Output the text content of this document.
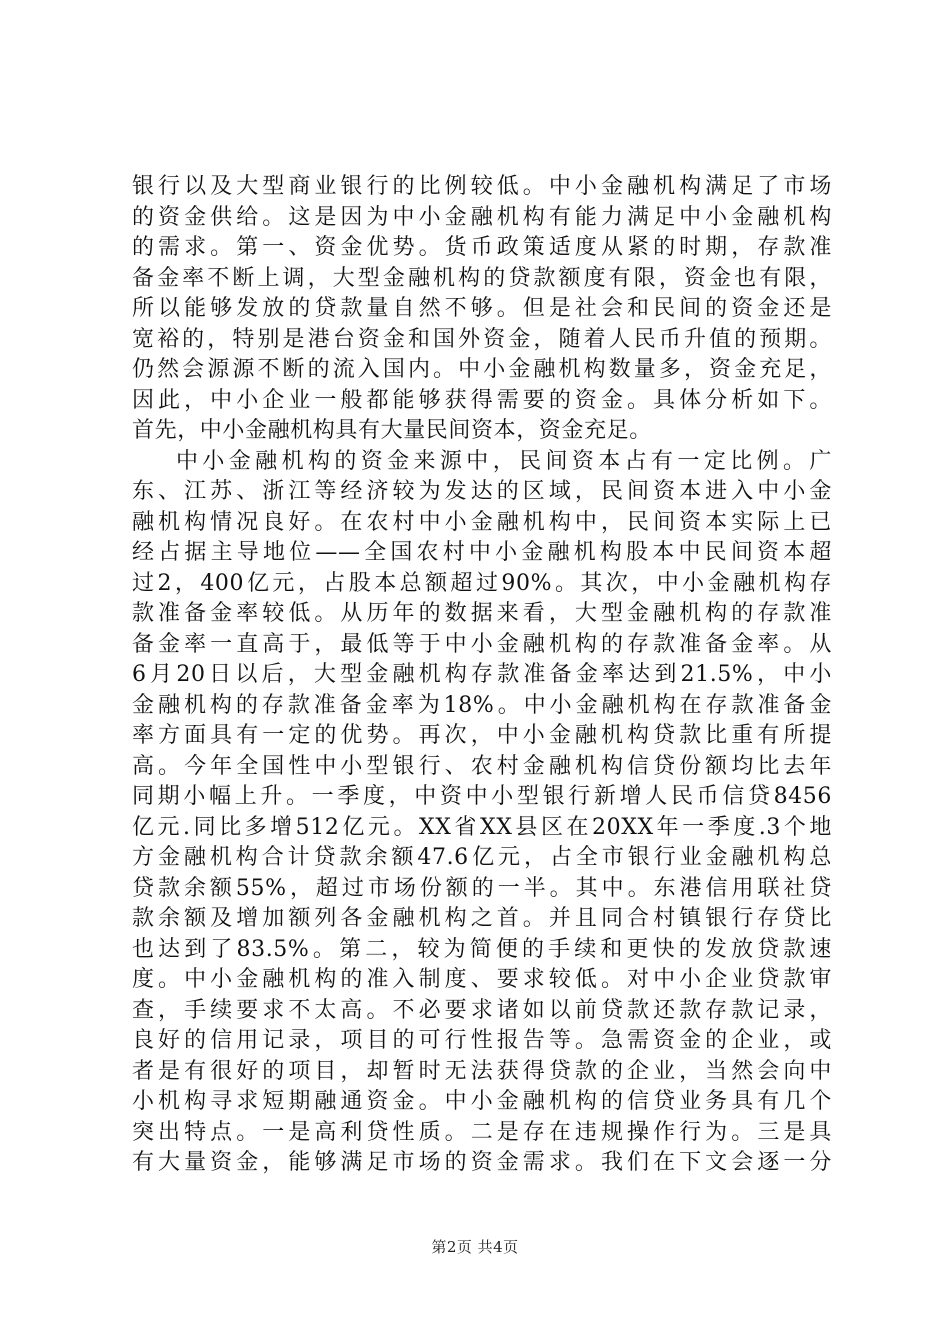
银行以及大型商业银行的比例较低。中小金融机构满足了市场
的资金供给。这是因为中小金融机构有能力满足中小金融机构
的需求。第一、资金优势。货币政策适度从紧的时期，存款准
备金率不断上调，大型金融机构的贷款额度有限，资金也有限，
所以能够发放的贷款量自然不够。但是社会和民间的资金还是
宽裕的，特别是港台资金和国外资金，随着人民币升值的预期。
仍然会源源不断的流入国内。中小金融机构数量多，资金充足，
因此，中小企业一般都能够获得需要的资金。具体分析如下。
首先，中小金融机构具有大量民间资本，资金充足。
中小金融机构的资金来源中，民间资本占有一定比例。广
东、江苏、浙江等经济较为发达的区域，民间资本进入中小金
融机构情况良好。在农村中小金融机构中，民间资本实际上已
经占据主导地位——全国农村中小金融机构股本中民间资本超
过2，400亿元，占股本总额超过90%。其次，中小金融机构存
款准备金率较低。从历年的数据来看，大型金融机构的存款准
备金率一直高于，最低等于中小金融机构的存款准备金率。从
6月20日以后，大型金融机构存款准备金率达到21.5%，中小
金融机构的存款准备金率为18%。中小金融机构在存款准备金
率方面具有一定的优势。再次，中小金融机构贷款比重有所提
高。今年全国性中小型银行、农村金融机构信贷份额均比去年
同期小幅上升。一季度，中资中小型银行新增人民币信贷8456
亿元.同比多增512亿元。XX省XX县区在20XX年一季度.3个地
方金融机构合计贷款余额47.6亿元，占全市银行业金融机构总
贷款余额55%，超过市场份额的一半。其中。东港信用联社贷
款余额及增加额列各金融机构之首。并且同合村镇银行存贷比
也达到了83.5%。第二，较为简便的手续和更快的发放贷款速
度。中小金融机构的准入制度、要求较低。对中小企业贷款审
查，手续要求不太高。不必要求诸如以前贷款还款存款记录，
良好的信用记录，项目的可行性报告等。急需资金的企业，或
者是有很好的项目，却暂时无法获得贷款的企业，当然会向中
小机构寻求短期融通资金。中小金融机构的信贷业务具有几个
突出特点。一是高利贷性质。二是存在违规操作行为。三是具
有大量资金，能够满足市场的资金需求。我们在下文会逐一分
第2页 共4页
